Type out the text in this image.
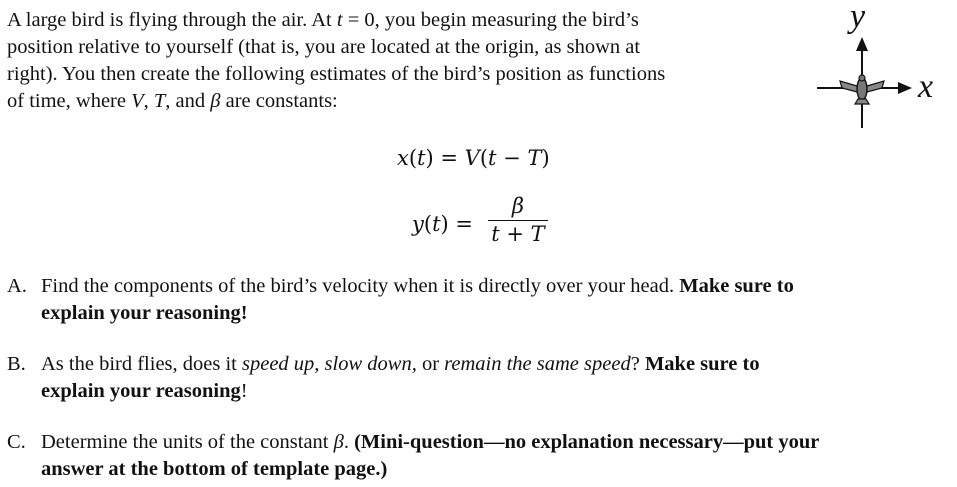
A large bird is flying through the air. At t = 0, you begin measuring the bird’s
position relative to yourself (that is, you are located at the origin, as shown at
right). You then create the following estimates of the bird’s position as functions
of time, where V, T, and β are constants:
y
x
x(t) = V(t − T)
y(t) =
β
t + T
A. Find the components of the bird’s velocity when it is directly over your head. Make sure to
explain your reasoning!
B. As the bird flies, does it speed up, slow down, or remain the same speed? Make sure to
explain your reasoning!
C. Determine the units of the constant β. (Mini-question—no explanation necessary—put your
answer at the bottom of template page.)
